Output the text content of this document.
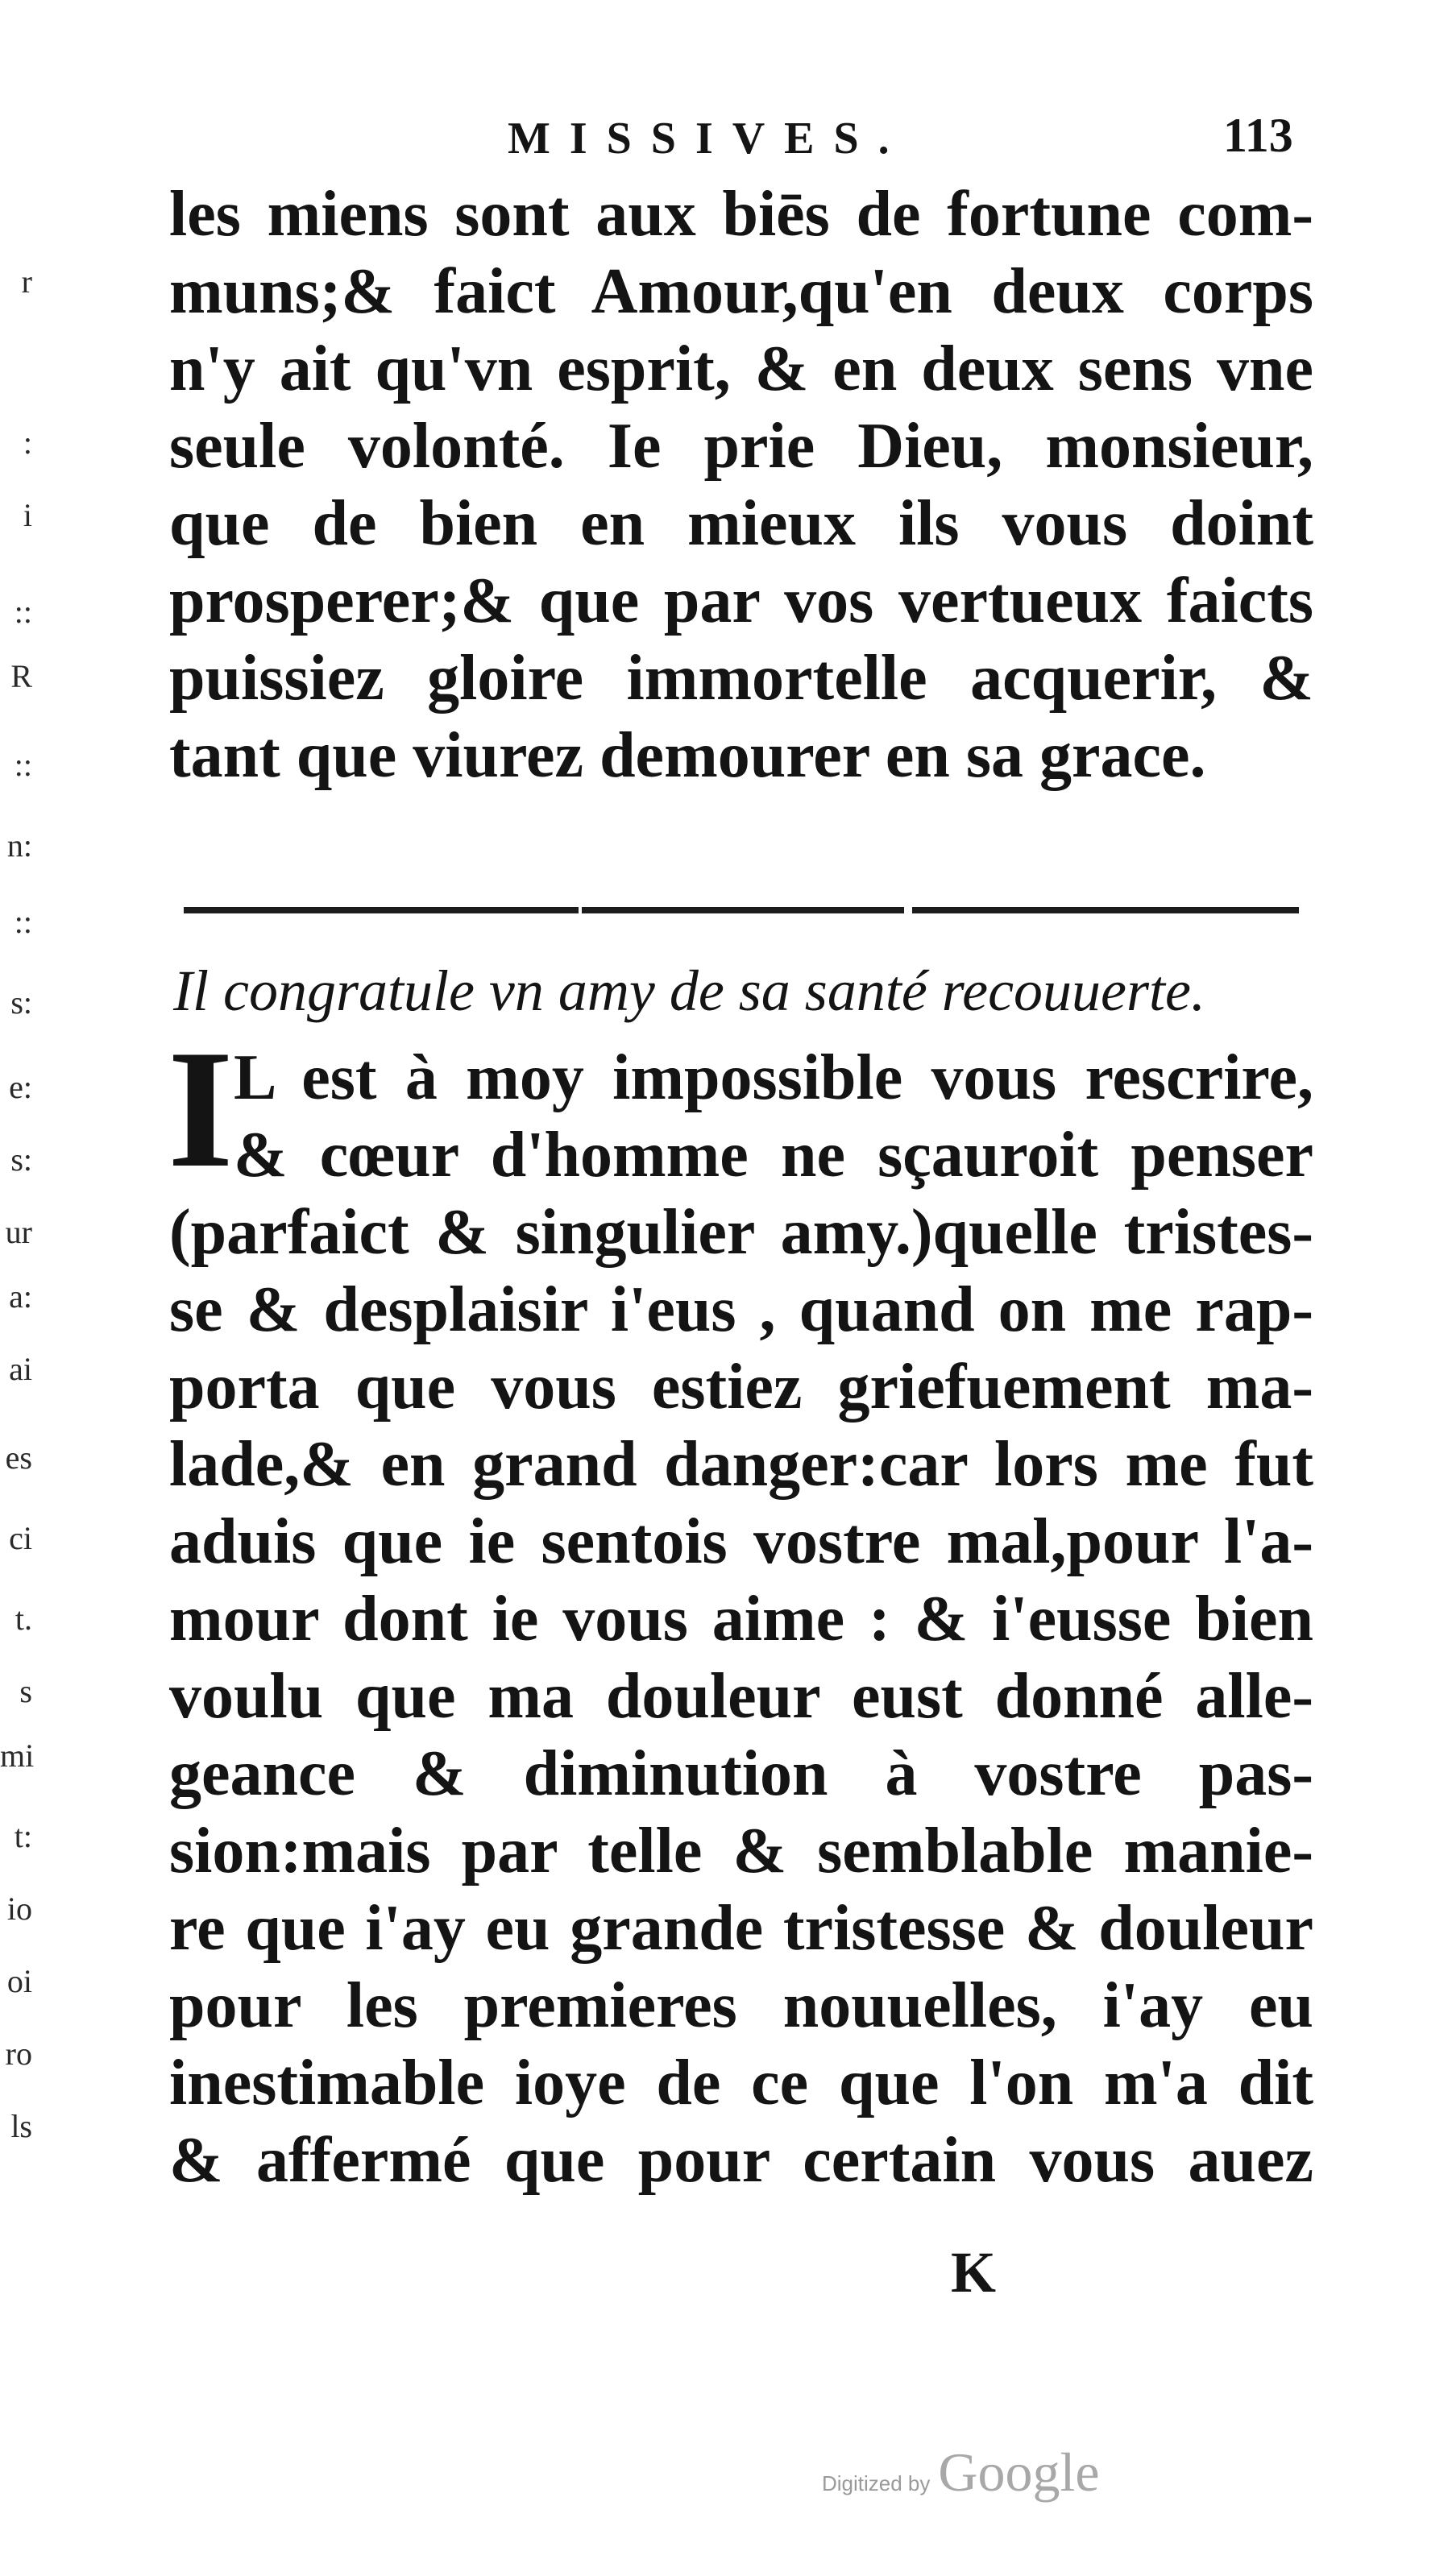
r
:
i
::
R
::
n:
::
s:
e:
s:
ur
a:
ai
es
ci
t.
s
mi
t:
io
oi
ro
ls
MISSIVES.	113
les miens sont aux biēs de fortune com-
muns;& faict Amour,qu'en deux corps
n'y ait qu'vn esprit, & en deux sens vne
seule volonté. Ie prie Dieu, monsieur,
que de bien en mieux ils vous doint
prosperer;& que par vos vertueux faicts
puissiez gloire immortelle acquerir, &
tant que viurez demourer en sa grace.
Il congratule vn amy de sa santé recouuerte.
I L est à moy impossible vous rescrire,
& cœur d'homme ne sçauroit penser
(parfaict & singulier amy.)quelle tristes-
se & desplaisir i'eus , quand on me rap-
porta que vous estiez griefuement ma-
lade,& en grand danger:car lors me fut
aduis que ie sentois vostre mal,pour l'a-
mour dont ie vous aime : & i'eusse bien
voulu que ma douleur eust donné alle-
geance & diminution à vostre pas-
sion:mais par telle & semblable manie-
re que i'ay eu grande tristesse & douleur
pour les premieres nouuelles, i'ay eu
inestimable ioye de ce que l'on m'a dit
& affermé que pour certain vous auez
K
Digitized by Google
